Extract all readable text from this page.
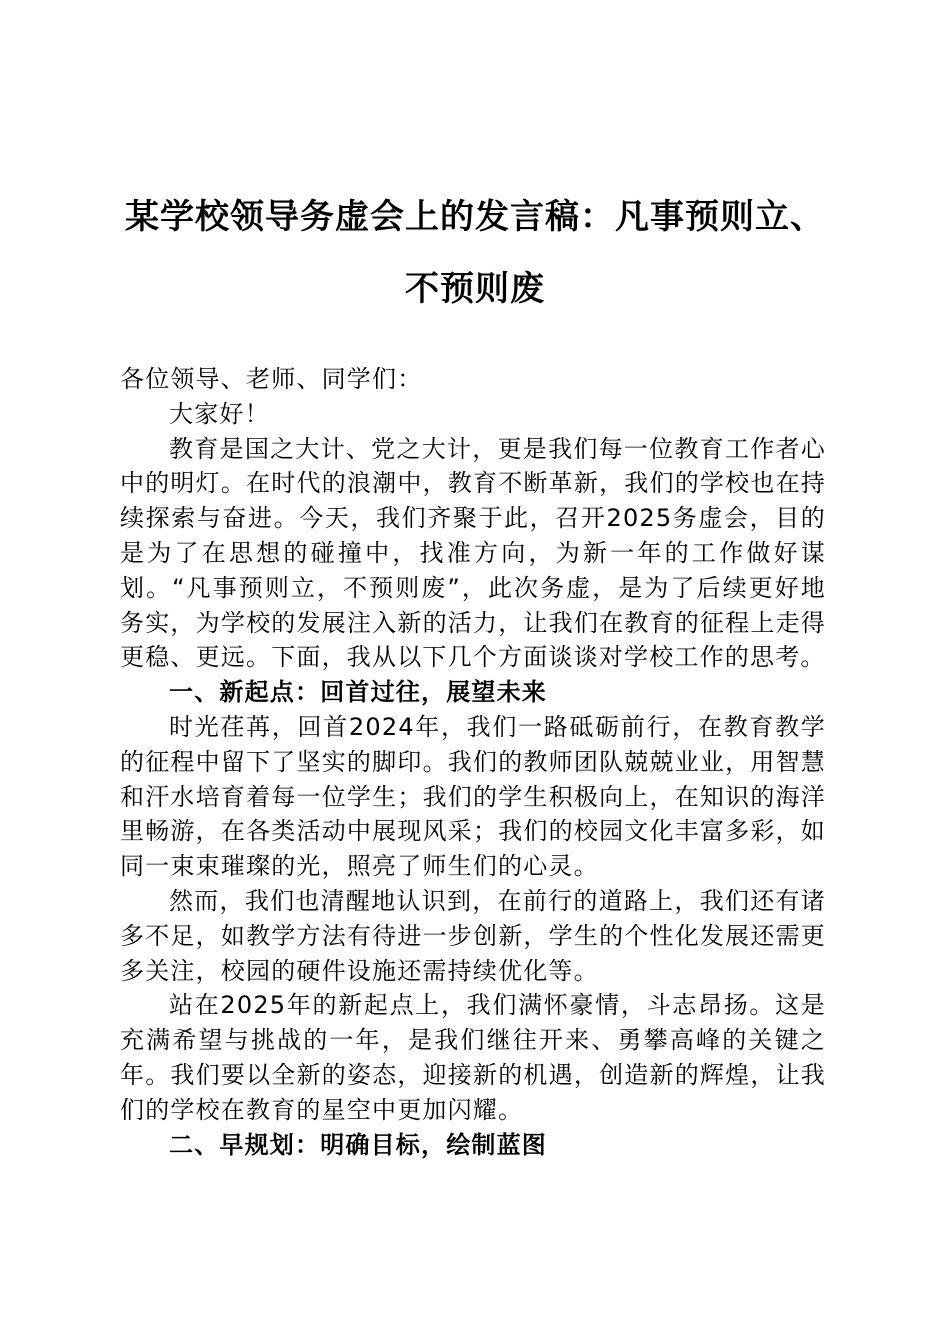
某学校领导务虚会上的发言稿：凡事预则立、
不预则废

各位领导、老师、同学们：

大家好！

教育是国之大计、党之大计，更是我们每一位教育工作者心中的明灯。在时代的浪潮中，教育不断革新，我们的学校也在持续探索与奋进。今天，我们齐聚于此，召开2025务虚会，目的是为了在思想的碰撞中，找准方向，为新一年的工作做好谋划。“凡事预则立，不预则废”，此次务虚，是为了后续更好地务实，为学校的发展注入新的活力，让我们在教育的征程上走得更稳、更远。下面，我从以下几个方面谈谈对学校工作的思考。

一、新起点：回首过往，展望未来

时光荏苒，回首2024年，我们一路砥砺前行，在教育教学的征程中留下了坚实的脚印。我们的教师团队兢兢业业，用智慧和汗水培育着每一位学生；我们的学生积极向上，在知识的海洋里畅游，在各类活动中展现风采；我们的校园文化丰富多彩，如同一束束璀璨的光，照亮了师生们的心灵。

然而，我们也清醒地认识到，在前行的道路上，我们还有诸多不足，如教学方法有待进一步创新，学生的个性化发展还需更多关注，校园的硬件设施还需持续优化等。

站在2025年的新起点上，我们满怀豪情，斗志昂扬。这是充满希望与挑战的一年，是我们继往开来、勇攀高峰的关键之年。我们要以全新的姿态，迎接新的机遇，创造新的辉煌，让我们的学校在教育的星空中更加闪耀。

二、早规划：明确目标，绘制蓝图
